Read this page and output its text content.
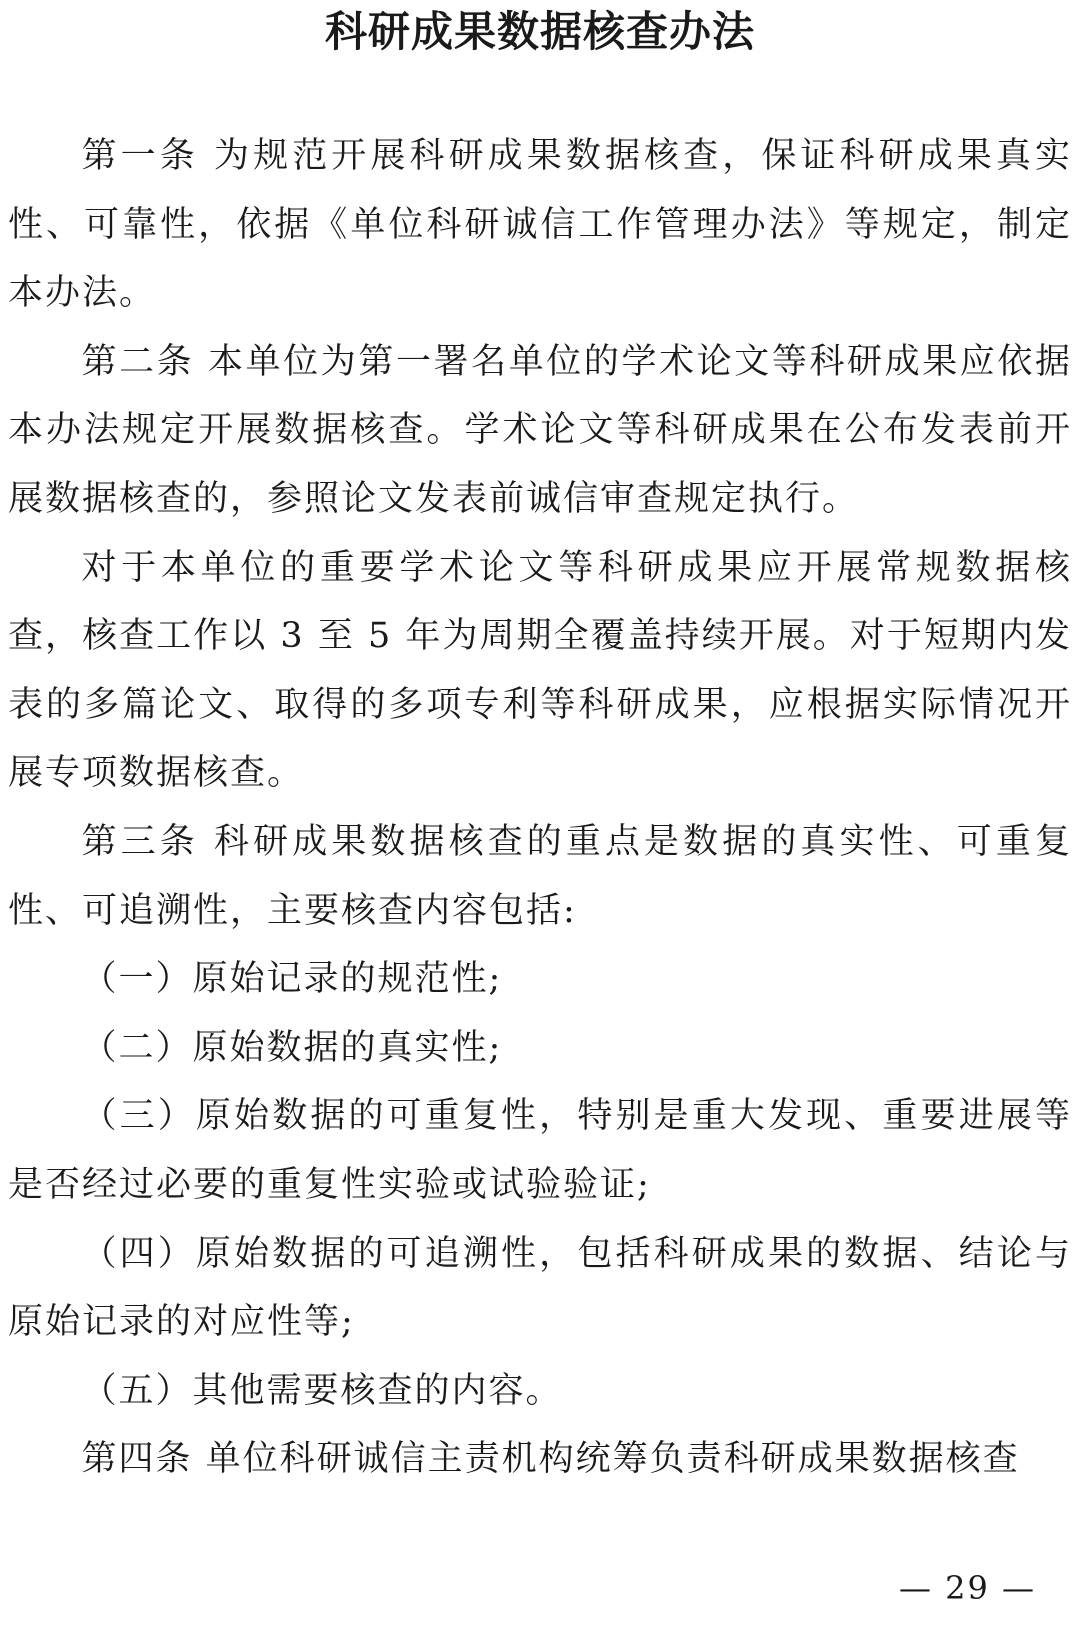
科研成果数据核查办法

第一条 为规范开展科研成果数据核查，保证科研成果真实性、可靠性，依据《单位科研诚信工作管理办法》等规定，制定本办法。

第二条 本单位为第一署名单位的学术论文等科研成果应依据本办法规定开展数据核查。学术论文等科研成果在公布发表前开展数据核查的，参照论文发表前诚信审查规定执行。

对于本单位的重要学术论文等科研成果应开展常规数据核查，核查工作以 3 至 5 年为周期全覆盖持续开展。对于短期内发表的多篇论文、取得的多项专利等科研成果，应根据实际情况开展专项数据核查。

第三条 科研成果数据核查的重点是数据的真实性、可重复性、可追溯性，主要核查内容包括:

（一）原始记录的规范性;

（二）原始数据的真实性;

（三）原始数据的可重复性，特别是重大发现、重要进展等是否经过必要的重复性实验或试验验证;

（四）原始数据的可追溯性，包括科研成果的数据、结论与原始记录的对应性等;

（五）其他需要核查的内容。

第四条 单位科研诚信主责机构统筹负责科研成果数据核查

— 29 —
